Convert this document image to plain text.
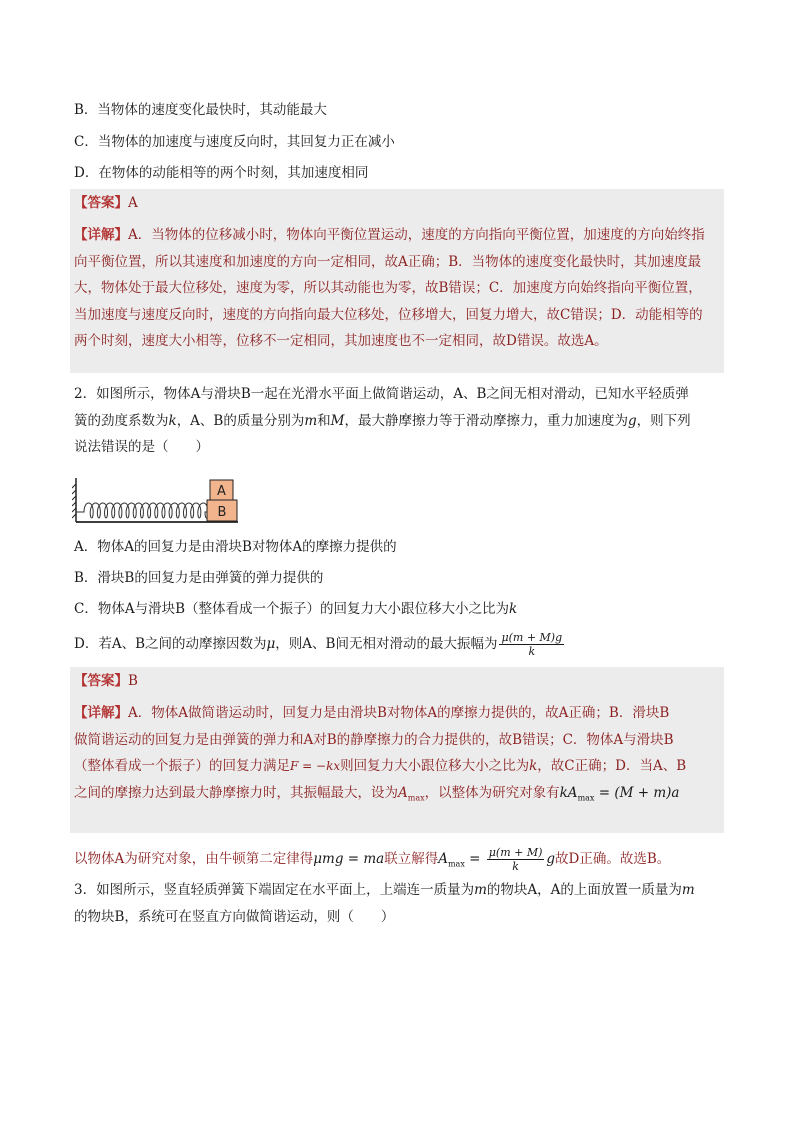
B．当物体的速度变化最快时，其动能最大
C．当物体的加速度与速度反向时，其回复力正在减小
D．在物体的动能相等的两个时刻，其加速度相同
【答案】A
【详解】A．当物体的位移减小时，物体向平衡位置运动，速度的方向指向平衡位置，加速度的方向始终指
向平衡位置，所以其速度和加速度的方向一定相同，故A正确；B．当物体的速度变化最快时，其加速度最
大，物体处于最大位移处，速度为零，所以其动能也为零，故B错误；C．加速度方向始终指向平衡位置，
当加速度与速度反向时，速度的方向指向最大位移处，位移增大，回复力增大，故C错误；D．动能相等的
两个时刻，速度大小相等，位移不一定相同，其加速度也不一定相同，故D错误。故选A。
2．如图所示，物体A与滑块B一起在光滑水平面上做简谐运动，A、B之间无相对滑动，已知水平轻质弹
簧的劲度系数为k，A、B的质量分别为m和M，最大静摩擦力等于滑动摩擦力，重力加速度为g，则下列
说法错误的是（　　）
A
B
A．物体A的回复力是由滑块B对物体A的摩擦力提供的
B．滑块B的回复力是由弹簧的弹力提供的
C．物体A与滑块B（整体看成一个振子）的回复力大小跟位移大小之比为k
D．若A、B之间的动摩擦因数为μ，则A、B间无相对滑动的最大振幅为 $\frac{\mu(m + M)g}{k}$
【答案】B
【详解】A．物体A做简谐运动时，回复力是由滑块B对物体A的摩擦力提供的，故A正确；B．滑块B
做简谐运动的回复力是由弹簧的弹力和A对B的静摩擦力的合力提供的，故B错误；C．物体A与滑块B
（整体看成一个振子）的回复力满足F = −kx则回复力大小跟位移大小之比为k，故C正确；D．当A、B
之间的摩擦力达到最大静摩擦力时，其振幅最大，设为$A_{max}$，以整体为研究对象有$kA_{max} = (M + m)a$
以物体A为研究对象，由牛顿第二定律得μmg = ma联立解得$A_{max} = \frac{\mu(m + M)}{k}$ g故D正确。故选B。
3．如图所示，竖直轻质弹簧下端固定在水平面上，上端连一质量为m的物块A，A的上面放置一质量为m
的物块B，系统可在竖直方向做简谐运动，则（　　）
